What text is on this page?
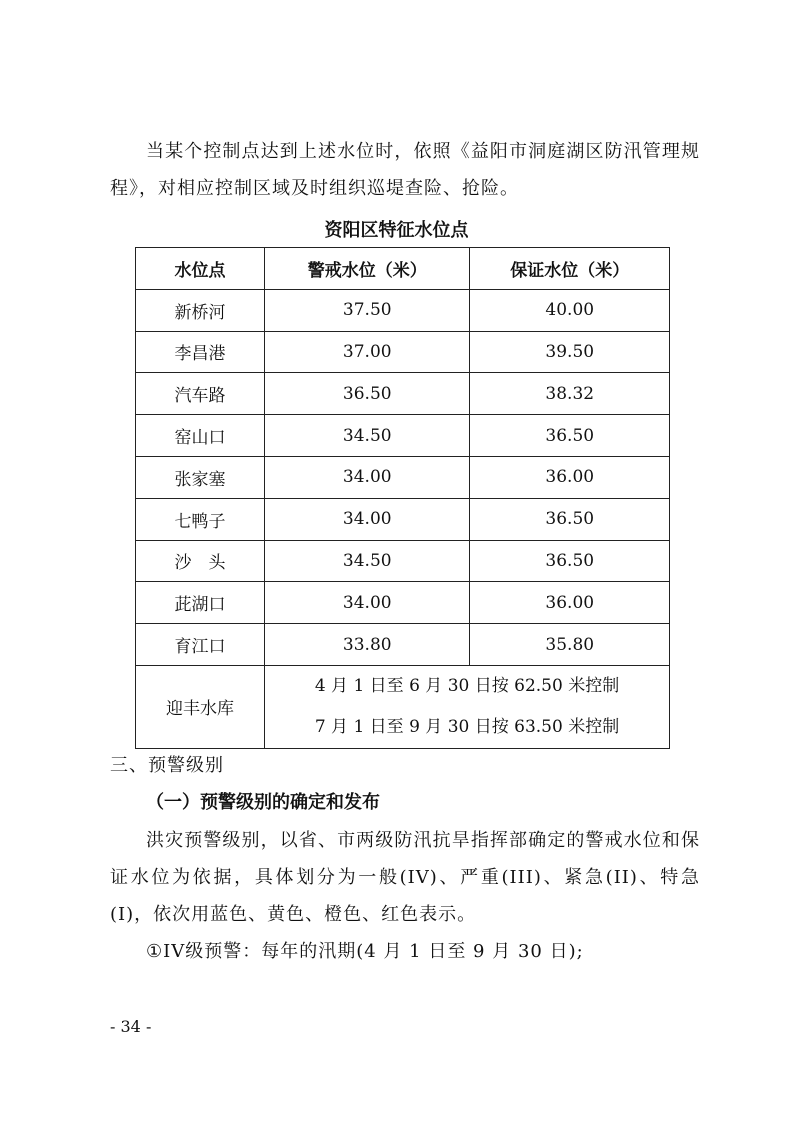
当某个控制点达到上述水位时，依照《益阳市洞庭湖区防汛管理规程》，对相应控制区域及时组织巡堤查险、抢险。

资阳区特征水位点

水位点	警戒水位（米）	保证水位（米）
新桥河	37.50	40.00
李昌港	37.00	39.50
汽车路	36.50	38.32
窑山口	34.50	36.50
张家塞	34.00	36.00
七鸭子	34.00	36.50
沙　头	34.50	36.50
茈湖口	34.00	36.00
育江口	33.80	35.80
迎丰水库	4 月 1 日至 6 月 30 日按 62.50 米控制
7 月 1 日至 9 月 30 日按 63.50 米控制	

三、预警级别

（一）预警级别的确定和发布

洪灾预警级别，以省、市两级防汛抗旱指挥部确定的警戒水位和保证水位为依据，具体划分为一般(IV)、严重(III)、紧急(II)、特急(I)，依次用蓝色、黄色、橙色、红色表示。

①IV级预警：每年的汛期(4 月 1 日至 9 月 30 日);

- 34 -
